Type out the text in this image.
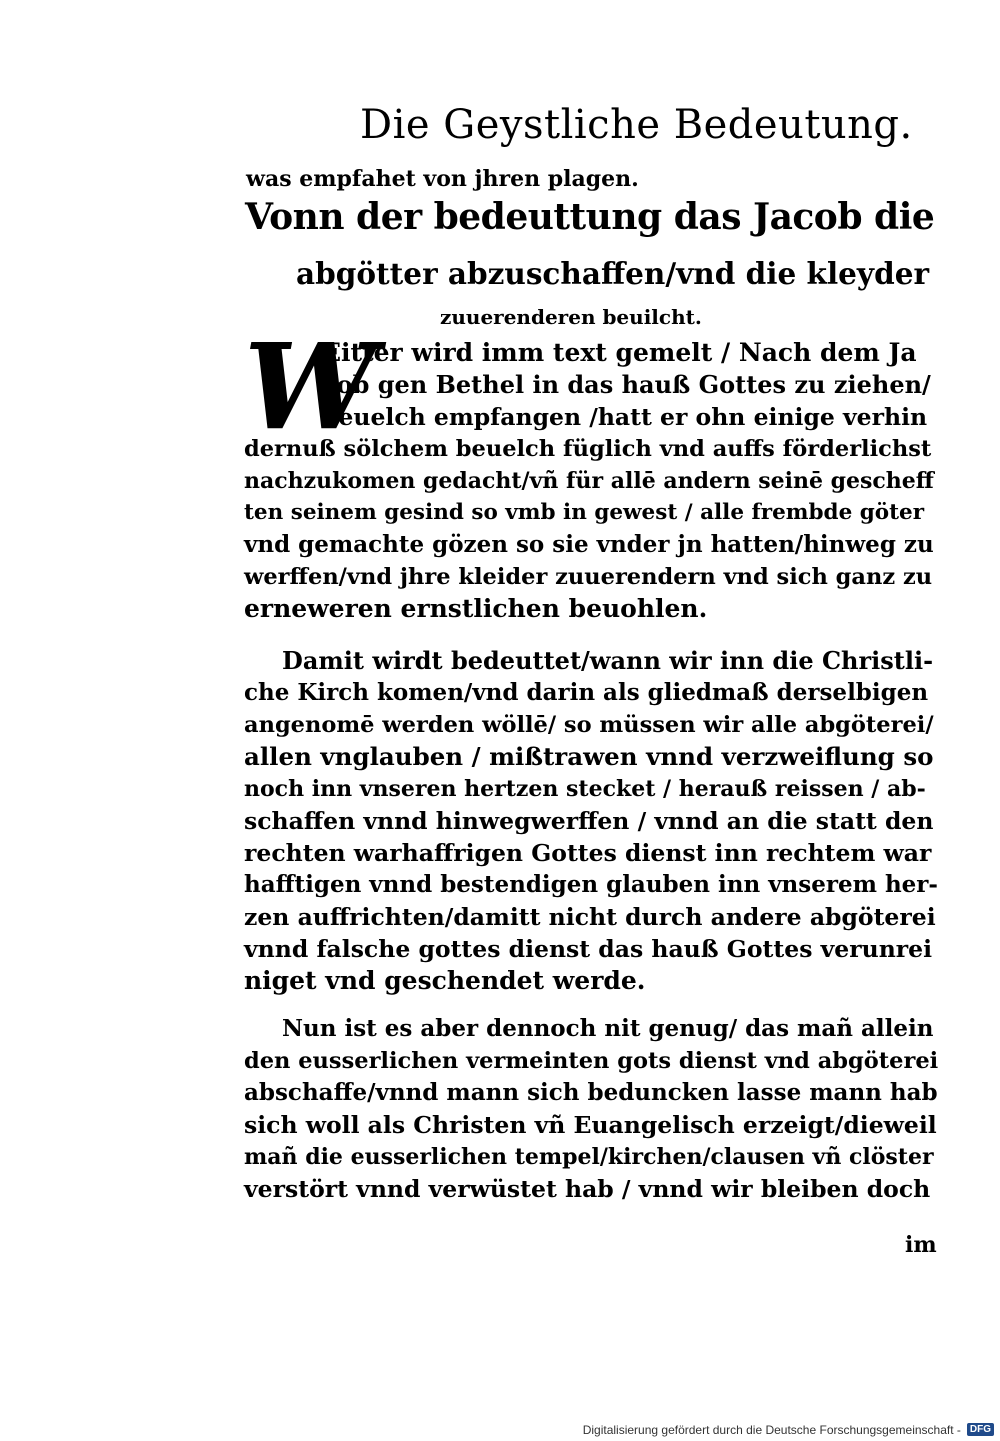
Die Geystliche Bedeutung.
was empfahet von jhren plagen.
Vonn der bedeuttung das Jacob die
abgötter abzuschaffen/vnd die kleyder
zuuerenderen beuilcht.
W
Eitter wird imm text gemelt / Nach dem Ja
cob gen Bethel in das hauß Gottes zu ziehen/
beuelch empfangen /hatt er ohn einige verhin
dernuß sölchem beuelch füglich vnd auffs förderlichst
nachzukomen gedacht/vñ für allē andern seinē gescheff
ten seinem gesind so vmb in gewest / alle frembde göter
vnd gemachte gözen so sie vnder jn hatten/hinweg zu
werffen/vnd jhre kleider zuuerendern vnd sich ganz zu
erneweren ernstlichen beuohlen.
Damit wirdt bedeuttet/wann wir inn die Christli-
che Kirch komen/vnd darin als gliedmaß derselbigen
angenomē werden wöllē/ so müssen wir alle abgöterei/
allen vnglauben / mißtrawen vnnd verzweiflung so
noch inn vnseren hertzen stecket / herauß reissen / ab-
schaffen vnnd hinwegwerffen / vnnd an die statt den
rechten warhaffrigen Gottes dienst inn rechtem war
hafftigen vnnd bestendigen glauben inn vnserem her-
zen auffrichten/damitt nicht durch andere abgöterei
vnnd falsche gottes dienst das hauß Gottes verunrei
niget vnd geschendet werde.
Nun ist es aber dennoch nit genug/ das mañ allein
den eusserlichen vermeinten gots dienst vnd abgöterei
abschaffe/vnnd mann sich beduncken lasse mann hab
sich woll als Christen vñ Euangelisch erzeigt/dieweil
mañ die eusserlichen tempel/kirchen/clausen vñ clöster
verstört vnnd verwüstet hab / vnnd wir bleiben doch
im
Digitalisierung gefördert durch die Deutsche Forschungsgemeinschaft - DFG
